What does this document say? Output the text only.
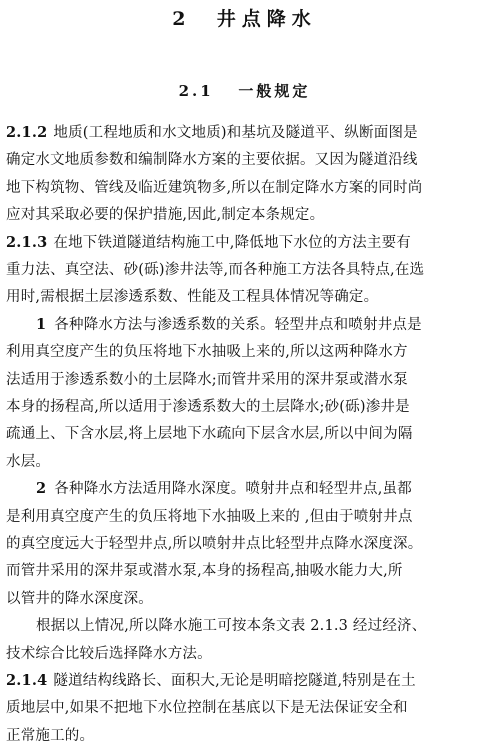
2 井点降水
2.1 一般规定
2.1.2 地质(工程地质和水文地质)和基坑及隧道平、纵断面图是
确定水文地质参数和编制降水方案的主要依据。又因为隧道沿线
地下构筑物、管线及临近建筑物多,所以在制定降水方案的同时尚
应对其采取必要的保护措施,因此,制定本条规定。
2.1.3 在地下铁道隧道结构施工中,降低地下水位的方法主要有
重力法、真空法、砂(砾)渗井法等,而各种施工方法各具特点,在选
用时,需根据土层渗透系数、性能及工程具体情况等确定。
1 各种降水方法与渗透系数的关系。轻型井点和喷射井点是
利用真空度产生的负压将地下水抽吸上来的,所以这两种降水方
法适用于渗透系数小的土层降水;而管井采用的深井泵或潜水泵
本身的扬程高,所以适用于渗透系数大的土层降水;砂(砾)渗井是
疏通上、下含水层,将上层地下水疏向下层含水层,所以中间为隔
水层。
2 各种降水方法适用降水深度。喷射井点和轻型井点,虽都
是利用真空度产生的负压将地下水抽吸上来的 ,但由于喷射井点
的真空度远大于轻型井点,所以喷射井点比轻型井点降水深度深。
而管井采用的深井泵或潜水泵,本身的扬程高,抽吸水能力大,所
以管井的降水深度深。
根据以上情况,所以降水施工可按本条文表 2.1.3 经过经济、
技术综合比较后选择降水方法。
2.1.4 隧道结构线路长、面积大,无论是明暗挖隧道,特别是在土
质地层中,如果不把地下水位控制在基底以下是无法保证安全和
正常施工的。
